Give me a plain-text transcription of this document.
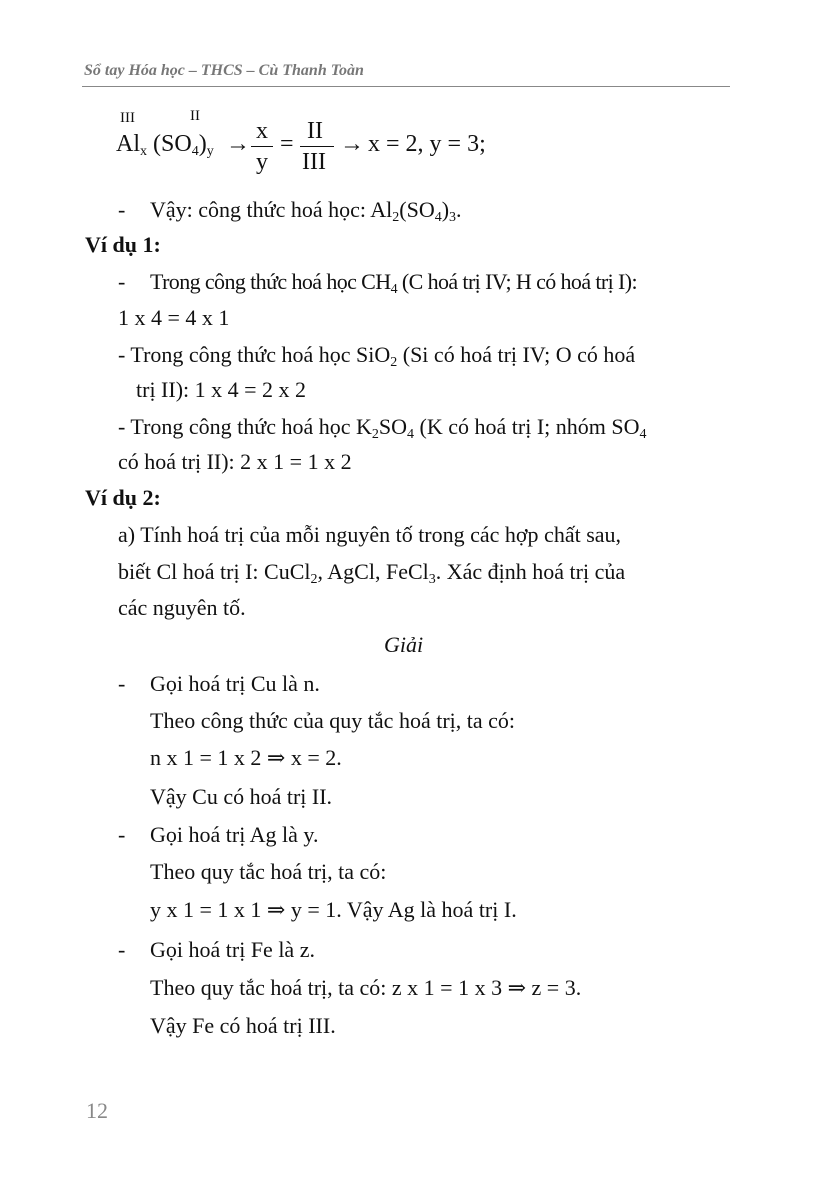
Sổ tay Hóa học – THCS – Cù Thanh Toàn
III	II
$Al_x$ $(SO_4)_y \to x$
y
= II
III
→ x = 2, y = 3;
- Vậy: công thức hoá học: $Al_2(SO_4)_3$.
Ví dụ 1:
- Trong công thức hoá học $CH_4$ (C hoá trị IV; H có hoá trị I):
1 x 4 = 4 x 1
- Trong công thức hoá học SiO$_2$ (Si có hoá trị IV; O có hoá
trị II): 1 x 4 = 2 x 2
- Trong công thức hoá học $K_2SO_4$ (K có hoá trị I; nhóm $SO_4$
có hoá trị II): 2 x 1 = 1 x 2
Ví dụ 2:
a) Tính hoá trị của mỗi nguyên tố trong các hợp chất sau,
biết Cl hoá trị I: CuCl$_2$, AgCl, FeCl$_3$. Xác định hoá trị của
các nguyên tố.
Giải
- Gọi hoá trị Cu là n.
Theo công thức của quy tắc hoá trị, ta có:
n x 1 = 1 x 2 ⇒ x = 2.
Vậy Cu có hoá trị II.
- Gọi hoá trị Ag là y.
Theo quy tắc hoá trị, ta có:
y x 1 = 1 x 1 ⇒ y = 1. Vậy Ag là hoá trị I.
- Gọi hoá trị Fe là z.
Theo quy tắc hoá trị, ta có: z x 1 = 1 x 3 ⇒ z = 3.
Vậy Fe có hoá trị III.
12
